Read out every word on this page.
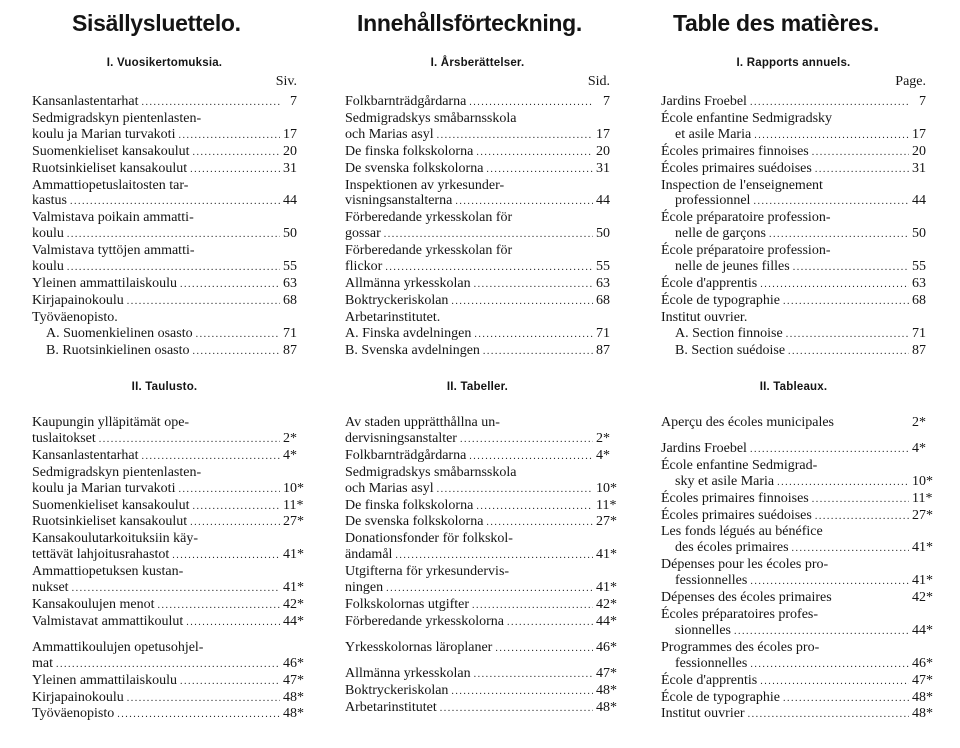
Sisällysluettelo.
I. Vuosikertomuksia.
Siv.
Kansanlastentarhat .....	7
Sedmigradskyn pientenlasten-
koulu ja Marian turvakoti .....	17
Suomenkieliset kansakoulut .....	20
Ruotsinkieliset kansakoulut .....	31
Ammattiopetuslaitosten tar-
kastus .....	44
Valmistava poikain ammatti-
koulu .....	50
Valmistava tyttöjen ammatti-
koulu .....	55
Yleinen ammattilaiskoulu .....	63
Kirjapainokoulu .....	68
Työväenopisto.
A. Suomenkielinen osasto .....	71
B. Ruotsinkielinen osasto .....	87
II. Taulusto.
Kaupungin ylläpitämät ope-
tuslaitokset .....	2*
Kansanlastentarhat .....	4*
Sedmigradskyn pientenlasten-
koulu ja Marian turvakoti .....	10*
Suomenkieliset kansakoulut .....	11*
Ruotsinkieliset kansakoulut .....	27*
Kansakoulutarkoituksiin käy-
tettävät lahjoitusrahastot .....	41*
Ammattiopetuksen kustan-
nukset .....	41*
Kansakoulujen menot .....	42*
Valmistavat ammattikoulut .....	44*
Ammattikoulujen opetusohjel-
mat .....	46*
Yleinen ammattilaiskoulu .....	47*
Kirjapainokoulu .....	48*
Työväenopisto .....	48*
Innehållsförteckning.
I. Årsberättelser.
Sid.
Folkbarnträdgårdarna .....	7
Sedmigradskys småbarnsskola
och Marias asyl .....	17
De finska folkskolorna .....	20
De svenska folkskolorna .....	31
Inspektionen av yrkesunder-
visningsanstalterna .....	44
Förberedande yrkesskolan för
gossar .....	50
Förberedande yrkesskolan för
flickor .....	55
Allmänna yrkesskolan .....	63
Boktryckeriskolan .....	68
Arbetarinstitutet.
A. Finska avdelningen .....	71
B. Svenska avdelningen .....	87
II. Tabeller.
Av staden upprätthållna un-
dervisningsanstalter .....	2*
Folkbarnträdgårdarna .....	4*
Sedmigradskys småbarnsskola
och Marias asyl .....	10*
De finska folkskolorna .....	11*
De svenska folkskolorna .....	27*
Donationsfonder för folkskol-
ändamål .....	41*
Utgifterna för yrkesundervis-
ningen .....	41*
Folkskolornas utgifter .....	42*
Förberedande yrkesskolorna .....	44*
Yrkesskolornas läroplaner .....	46*
Allmänna yrkesskolan .....	47*
Boktryckeriskolan .....	48*
Arbetarinstitutet .....	48*
Table des matières.
I. Rapports annuels.
Page.
Jardins Froebel .....	7
École enfantine Sedmigradsky
et asile Maria .....	17
Écoles primaires finnoises .....	20
Écoles primaires suédoises .....	31
Inspection de l'enseignement
professionnel .....	44
École préparatoire profession-
nelle de garçons .....	50
École préparatoire profession-
nelle de jeunes filles .....	55
École d'apprentis .....	63
École de typographie .....	68
Institut ouvrier.
A. Section finnoise .....	71
B. Section suédoise .....	87
II. Tableaux.
Aperçu des écoles municipales	2*
Jardins Froebel .....	4*
École enfantine Sedmigrad-
sky et asile Maria .....	10*
Écoles primaires finnoises .....	11*
Écoles primaires suédoises .....	27*
Les fonds légués au bénéfice
des écoles primaires .....	41*
Dépenses pour les écoles pro-
fessionnelles .....	41*
Dépenses des écoles primaires	42*
Écoles préparatoires profes-
sionnelles .....	44*
Programmes des écoles pro-
fessionnelles .....	46*
École d'apprentis .....	47*
École de typographie .....	48*
Institut ouvrier .....	48*
